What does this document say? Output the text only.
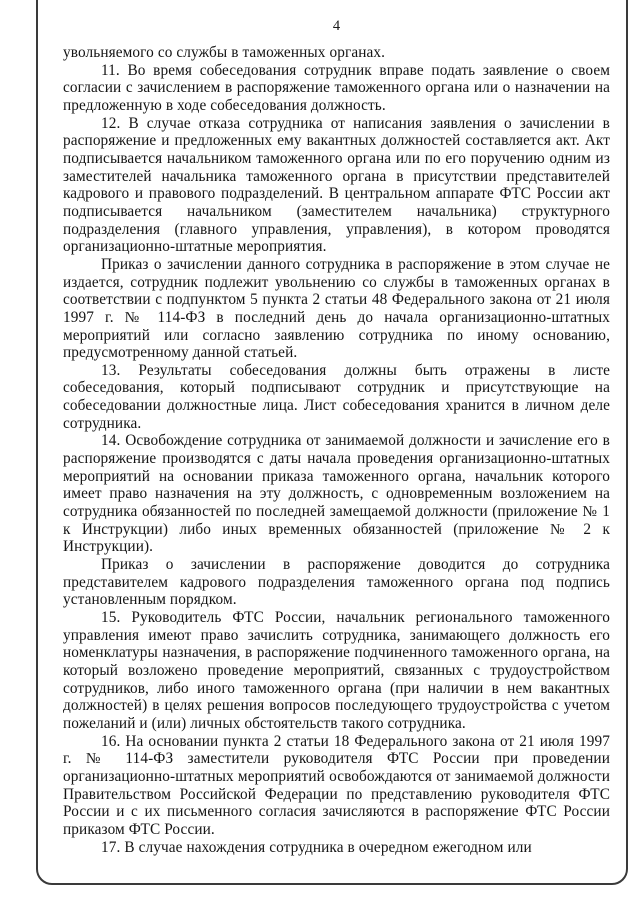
4

увольняемого со службы в таможенных органах.

11. Во время собеседования сотрудник вправе подать заявление о своем согласии с зачислением в распоряжение таможенного органа или о назначении на предложенную в ходе собеседования должность.

12. В случае отказа сотрудника от написания заявления о зачислении в распоряжение и предложенных ему вакантных должностей составляется акт. Акт подписывается начальником таможенного органа или по его поручению одним из заместителей начальника таможенного органа в присутствии представителей кадрового и правового подразделений. В центральном аппарате ФТС России акт подписывается начальником (заместителем начальника) структурного подразделения (главного управления, управления), в котором проводятся организационно-штатные мероприятия.

Приказ о зачислении данного сотрудника в распоряжение в этом случае не издается, сотрудник подлежит увольнению со службы в таможенных органах в соответствии с подпунктом 5 пункта 2 статьи 48 Федерального закона от 21 июля 1997 г. № 114-ФЗ в последний день до начала организационно-штатных мероприятий или согласно заявлению сотрудника по иному основанию, предусмотренному данной статьей.

13. Результаты собеседования должны быть отражены в листе собеседования, который подписывают сотрудник и присутствующие на собеседовании должностные лица. Лист собеседования хранится в личном деле сотрудника.

14. Освобождение сотрудника от занимаемой должности и зачисление его в распоряжение производятся с даты начала проведения организационно-штатных мероприятий на основании приказа таможенного органа, начальник которого имеет право назначения на эту должность, с одновременным возложением на сотрудника обязанностей по последней замещаемой должности (приложение № 1 к Инструкции) либо иных временных обязанностей (приложение № 2 к Инструкции).

Приказ о зачислении в распоряжение доводится до сотрудника представителем кадрового подразделения таможенного органа под подпись установленным порядком.

15. Руководитель ФТС России, начальник регионального таможенного управления имеют право зачислить сотрудника, занимающего должность его номенклатуры назначения, в распоряжение подчиненного таможенного органа, на который возложено проведение мероприятий, связанных с трудоустройством сотрудников, либо иного таможенного органа (при наличии в нем вакантных должностей) в целях решения вопросов последующего трудоустройства с учетом пожеланий и (или) личных обстоятельств такого сотрудника.

16. На основании пункта 2 статьи 18 Федерального закона от 21 июля 1997 г. № 114-ФЗ заместители руководителя ФТС России при проведении организационно-штатных мероприятий освобождаются от занимаемой должности Правительством Российской Федерации по представлению руководителя ФТС России и с их письменного согласия зачисляются в распоряжение ФТС России приказом ФТС России.

17. В случае нахождения сотрудника в очередном ежегодном или
